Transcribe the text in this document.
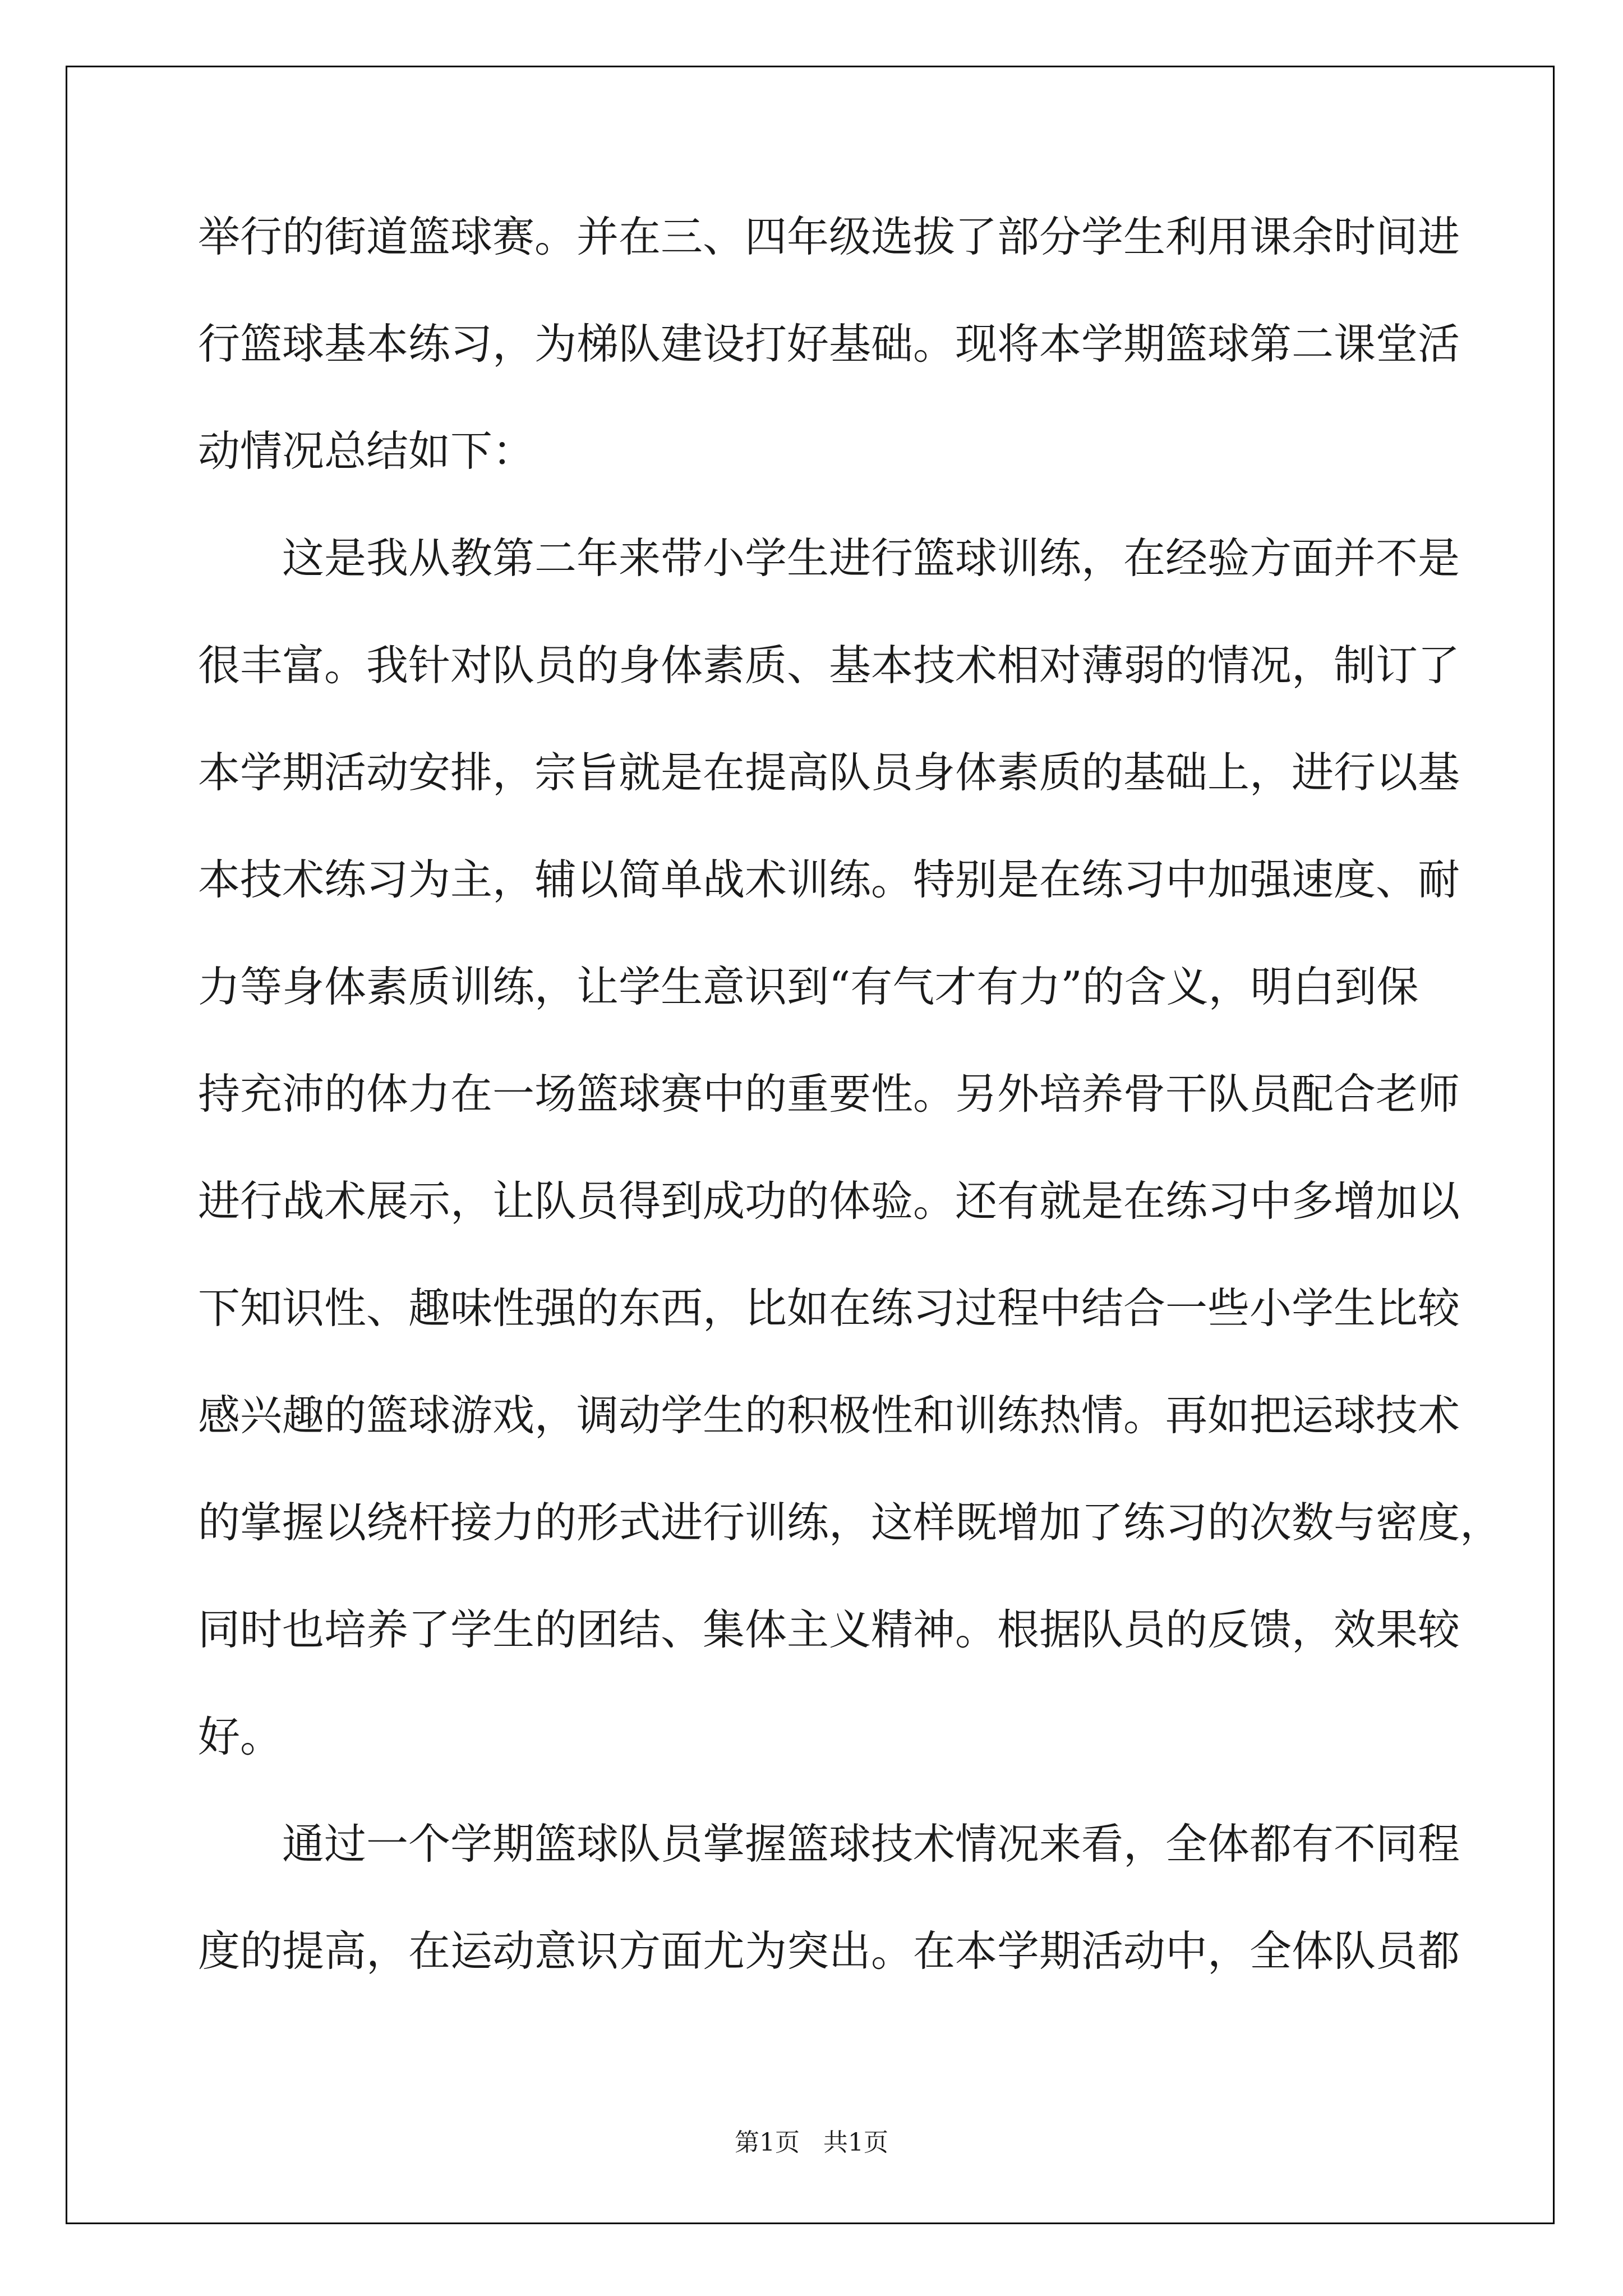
举行的街道篮球赛。并在三、四年级选拔了部分学生利用课余时间进
行篮球基本练习，为梯队建设打好基础。现将本学期篮球第二课堂活
动情况总结如下：
这是我从教第二年来带小学生进行篮球训练，在经验方面并不是
很丰富。我针对队员的身体素质、基本技术相对薄弱的情况，制订了
本学期活动安排，宗旨就是在提高队员身体素质的基础上，进行以基
本技术练习为主，辅以简单战术训练。特别是在练习中加强速度、耐
力等身体素质训练，让学生意识到“有气才有力”的含义，明白到保
持充沛的体力在一场篮球赛中的重要性。另外培养骨干队员配合老师
进行战术展示，让队员得到成功的体验。还有就是在练习中多增加以
下知识性、趣味性强的东西，比如在练习过程中结合一些小学生比较
感兴趣的篮球游戏，调动学生的积极性和训练热情。再如把运球技术
的掌握以绕杆接力的形式进行训练，这样既增加了练习的次数与密度，
同时也培养了学生的团结、集体主义精神。根据队员的反馈，效果较
好。
通过一个学期篮球队员掌握篮球技术情况来看，全体都有不同程
度的提高，在运动意识方面尤为突出。在本学期活动中，全体队员都
第1页   共1页
